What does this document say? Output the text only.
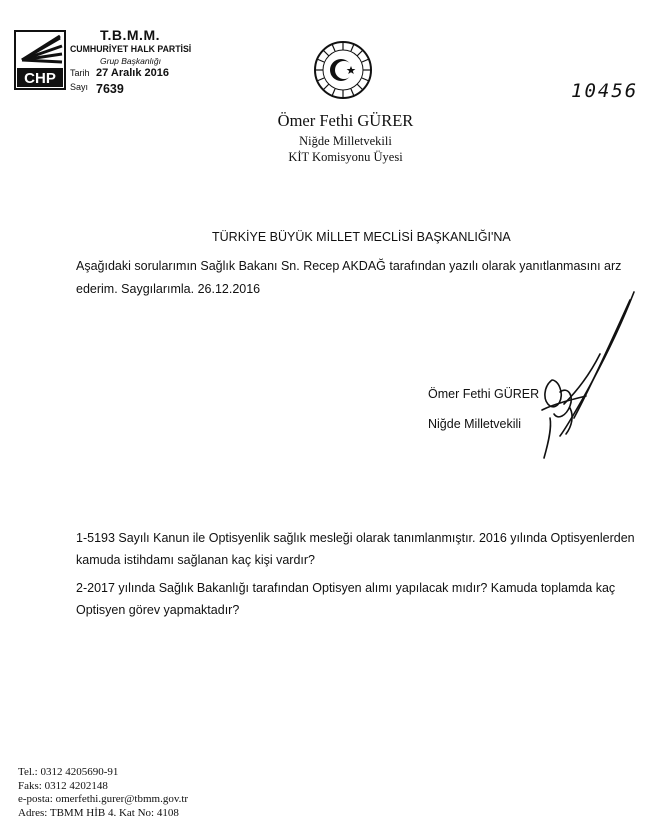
CHP
T.B.M.M.
CUMHURİYET HALK PARTİSİ
Grup Başkanlığı
Tarih 27 Aralık 2016
Sayı 7639	10456
Ömer Fethi GÜRER
Niğde Milletvekili
KİT Komisyonu Üyesi
TÜRKİYE BÜYÜK MİLLET MECLİSİ BAŞKANLIĞI'NA
Aşağıdaki sorularımın Sağlık Bakanı Sn. Recep AKDAĞ tarafından yazılı olarak yanıtlanmasını arz ederim. Saygılarımla. 26.12.2016
Ömer Fethi GÜRER
Niğde Milletvekili
1-5193 Sayılı Kanun ile Optisyenlik sağlık mesleği olarak tanımlanmıştır. 2016 yılında Optisyenlerden kamuda istihdamı sağlanan kaç kişi vardır?
2-2017 yılında Sağlık Bakanlığı tarafından Optisyen alımı yapılacak mıdır? Kamuda toplamda kaç Optisyen görev yapmaktadır?
Tel.: 0312 4205690-91
Faks: 0312 4202148
e-posta: omerfethi.gurer@tbmm.gov.tr
Adres: TBMM HİB 4. Kat No: 4108
